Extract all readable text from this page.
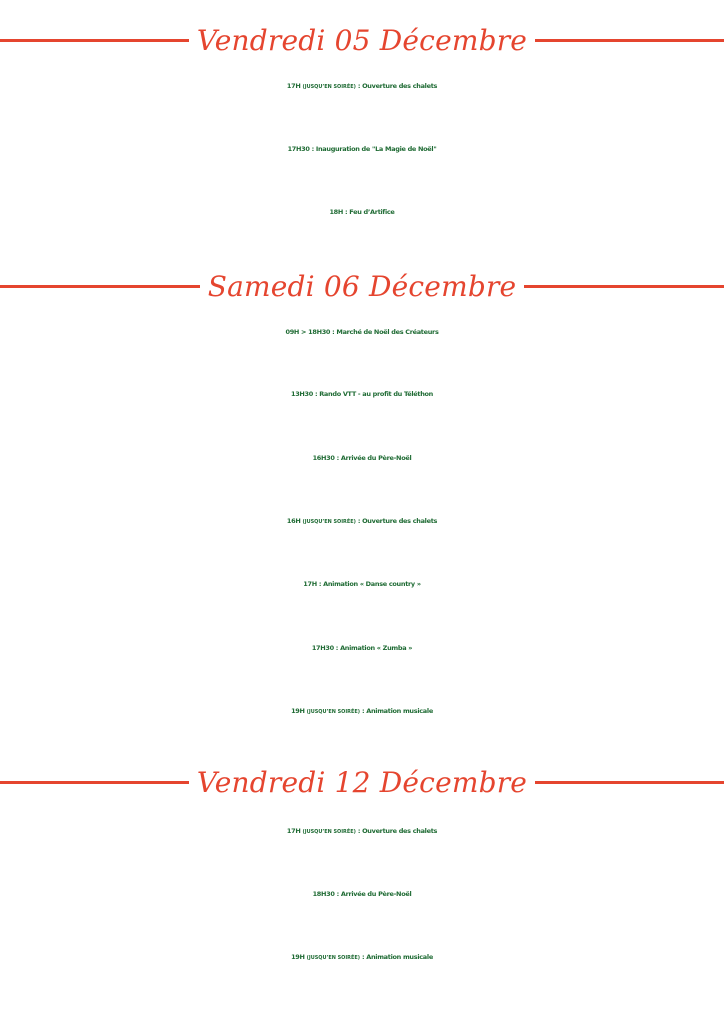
Vendredi 05 Décembre
17H (JUSQU’EN SOIRÉE) : Ouverture des chalets
17H30 : Inauguration de "La Magie de Noël"
18H : Feu d’Artifice
Samedi 06 Décembre
09H > 18H30 : Marché de Noël des Créateurs
13H30 : Rando VTT - au profit du Téléthon
16H30 : Arrivée du Père-Noël
16H (JUSQU’EN SOIRÉE) : Ouverture des chalets
17H : Animation « Danse country »
17H30 : Animation « Zumba »
19H (JUSQU’EN SOIRÉE) : Animation musicale
Vendredi 12 Décembre
17H (JUSQU’EN SOIRÉE) : Ouverture des chalets
18H30 : Arrivée du Père-Noël
19H (JUSQU’EN SOIRÉE) : Animation musicale
